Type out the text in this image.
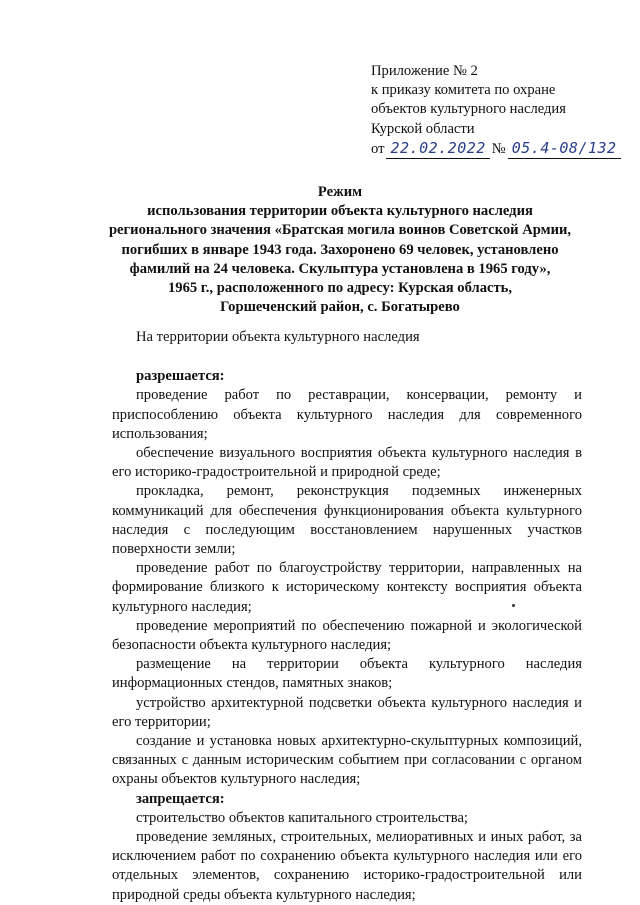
Приложение № 2
к приказу комитета по охране
объектов культурного наследия
Курской области
от 22.02.2022 № 05.4-08/132
Режим
использования территории объекта культурного наследия
регионального значения «Братская могила воинов Советской Армии,
погибших в январе 1943 года. Захоронено 69 человек, установлено
фамилий на 24 человека. Скульптура установлена в 1965 году»,
1965 г., расположенного по адресу: Курская область,
Горшеченский район, с. Богатырево

На территории объекта культурного наследия

разрешается:

проведение работ по реставрации, консервации, ремонту и приспособлению объекта культурного наследия для современного использования;

обеспечение визуального восприятия объекта культурного наследия в его историко-градостроительной и природной среде;

прокладка, ремонт, реконструкция подземных инженерных коммуникаций для обеспечения функционирования объекта культурного наследия с последующим восстановлением нарушенных участков поверхности земли;

проведение работ по благоустройству территории, направленных на формирование близкого к историческому контексту восприятия объекта культурного наследия;

проведение мероприятий по обеспечению пожарной и экологической безопасности объекта культурного наследия;

размещение на территории объекта культурного наследия информационных стендов, памятных знаков;

устройство архитектурной подсветки объекта культурного наследия и его территории;

создание и установка новых архитектурно-скульптурных композиций, связанных с данным историческим событием при согласовании с органом охраны объектов культурного наследия;

запрещается:

строительство объектов капитального строительства;

проведение земляных, строительных, мелиоративных и иных работ, за исключением работ по сохранению объекта культурного наследия или его отдельных элементов, сохранению историко-градостроительной или природной среды объекта культурного наследия;
